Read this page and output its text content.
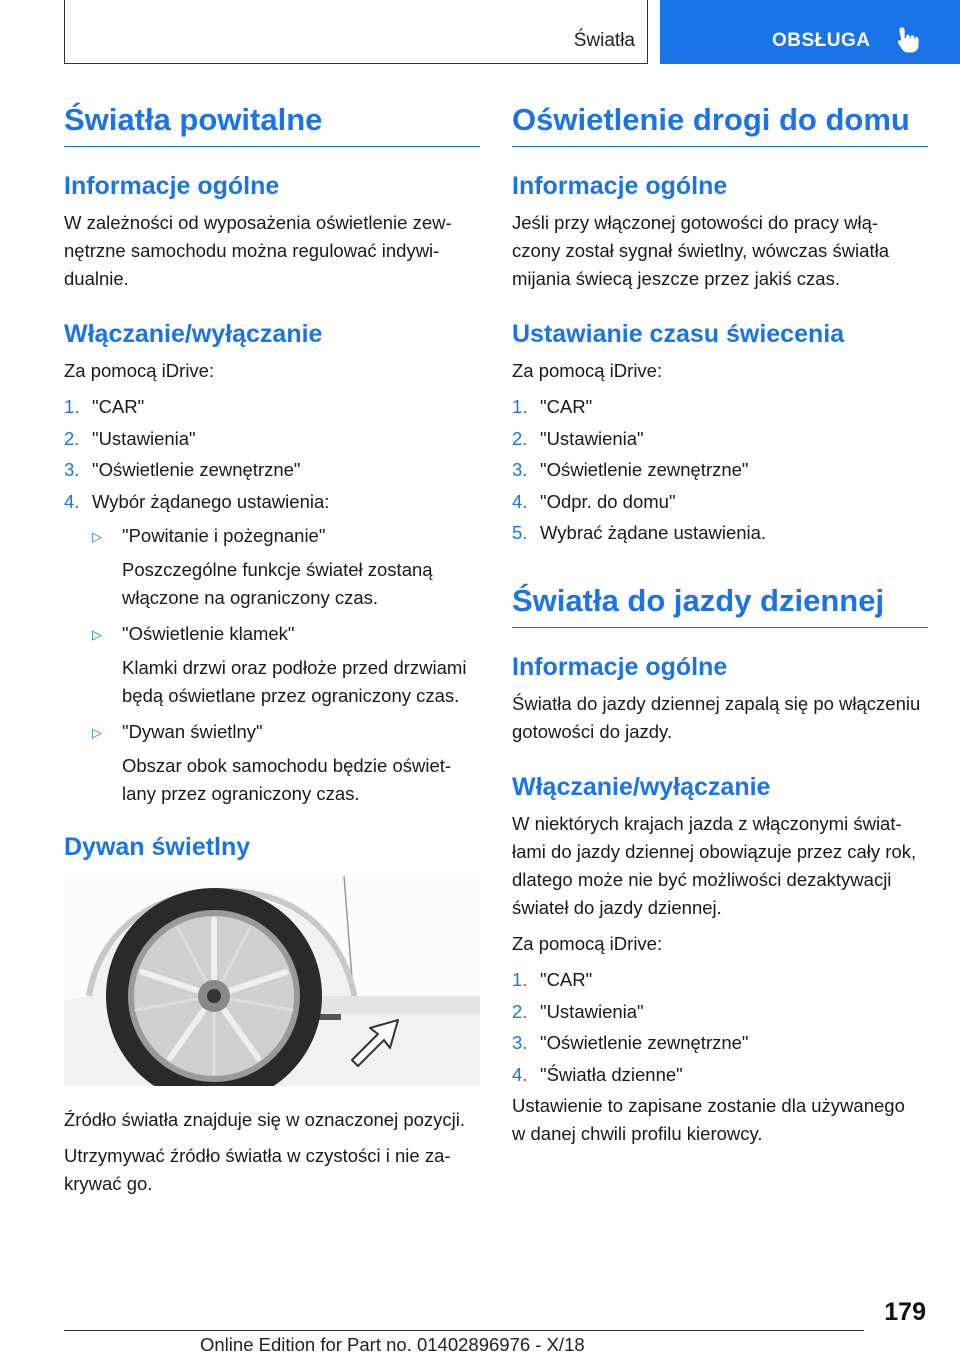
Światła	OBSŁUGA
Światła powitalne
Informacje ogólne

W zależności od wyposażenia oświetlenie zew-
nętrzne samochodu można regulować indywi-
dualnie.

Włączanie/wyłączanie

Za pomocą iDrive:

1. "CAR"
2. "Ustawienia"
3. "Oświetlenie zewnętrzne"
4. Wybór żądanego ustawienia:
▷	"Powitanie i pożegnanie"
Poszczególne funkcje świateł zostaną
włączone na ograniczony czas.
▷	"Oświetlenie klamek"
Klamki drzwi oraz podłoże przed drzwiami
będą oświetlane przez ograniczony czas.
▷	"Dywan świetlny"
Obszar obok samochodu będzie oświet-
lany przez ograniczony czas.
Dywan świetlny

Źródło światła znajduje się w oznaczonej pozycji.

Utrzymywać źródło światła w czystości i nie za-
krywać go.

Oświetlenie drogi do domu
Informacje ogólne

Jeśli przy włączonej gotowości do pracy włą-
czony został sygnał świetlny, wówczas światła
mijania świecą jeszcze przez jakiś czas.

Ustawianie czasu świecenia

Za pomocą iDrive:

1. "CAR"
2. "Ustawienia"
3. "Oświetlenie zewnętrzne"
4. "Odpr. do domu"
5. Wybrać żądane ustawienia.
Światła do jazdy dziennej
Informacje ogólne

Światła do jazdy dziennej zapalą się po włączeniu
gotowości do jazdy.

Włączanie/wyłączanie

W niektórych krajach jazda z włączonymi świat-
łami do jazdy dziennej obowiązuje przez cały rok,
dlatego może nie być możliwości dezaktywacji
świateł do jazdy dziennej.

Za pomocą iDrive:

1. "CAR"
2. "Ustawienia"
3. "Oświetlenie zewnętrzne"
4. "Światła dzienne"

Ustawienie to zapisane zostanie dla używanego
w danej chwili profilu kierowcy.

179
Online Edition for Part no. 01402896976 - X/18
